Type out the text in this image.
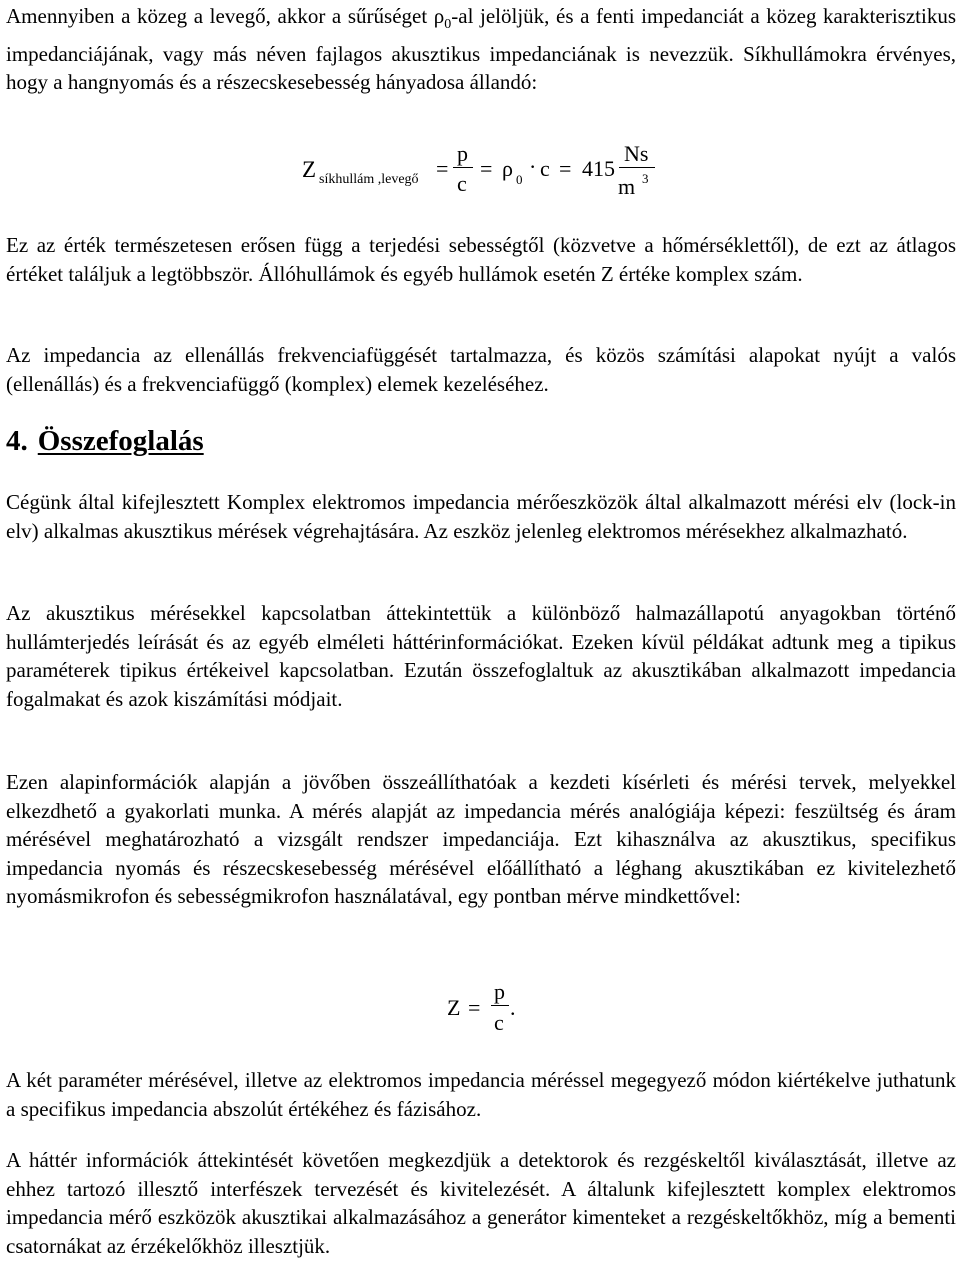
Amennyiben a közeg a levegő, akkor a sűrűséget $\rho_0-al$ jelöljük, és a fenti impedanciát a közeg karakterisztikus impedanciájának, vagy más néven fajlagos akusztikus impedanciának is nevezzük. Síkhullámokra érvényes, hogy a hangnyomás és a részecskesebesség hányadosa állandó:

Z síkhullám ,levegő =
p
c
= ρ 0
· c = 415
Ns
m 3

Ez az érték természetesen erősen függ a terjedési sebességtől (közvetve a hőmérséklettől), de ezt az átlagos értéket találjuk a legtöbbször. Állóhullámok és egyéb hullámok esetén Z értéke komplex szám.

Az impedancia az ellenállás frekvenciafüggését tartalmazza, és közös számítási alapokat nyújt a valós (ellenállás) és a frekvenciafüggő (komplex) elemek kezeléséhez.

4. Összefoglalás

Cégünk által kifejlesztett Komplex elektromos impedancia mérőeszközök által alkalmazott mérési elv (lock-in elv) alkalmas akusztikus mérések végrehajtására. Az eszköz jelenleg elektromos mérésekhez alkalmazható.

Az akusztikus mérésekkel kapcsolatban áttekintettük a különböző halmazállapotú anyagokban történő hullámterjedés leírását és az egyéb elméleti háttérinformációkat. Ezeken kívül példákat adtunk meg a tipikus paraméterek tipikus értékeivel kapcsolatban. Ezután összefoglaltuk az akusztikában alkalmazott impedancia fogalmakat és azok kiszámítási módjait.

Ezen alapinformációk alapján a jövőben összeállíthatóak a kezdeti kísérleti és mérési tervek, melyekkel elkezdhető a gyakorlati munka. A mérés alapját az impedancia mérés analógiája képezi: feszültség és áram mérésével meghatározható a vizsgált rendszer impedanciája. Ezt kihasználva az akusztikus, specifikus impedancia nyomás és részecskesebesség mérésével előállítható a léghang akusztikában ez kivitelezhető nyomásmikrofon és sebességmikrofon használatával, egy pontban mérve mindkettővel:

Z =
p
c
.

A két paraméter mérésével, illetve az elektromos impedancia méréssel megegyező módon kiértékelve juthatunk a specifikus impedancia abszolút értékéhez és fázisához.

A háttér információk áttekintését követően megkezdjük a detektorok és rezgéskeltől kiválasztását, illetve az ehhez tartozó illesztő interfészek tervezését és kivitelezését. A általunk kifejlesztett komplex elektromos impedancia mérő eszközök akusztikai alkalmazásához a generátor kimenteket a rezgéskeltőkhöz, míg a bementi csatornákat az érzékelőkhöz illesztjük.
